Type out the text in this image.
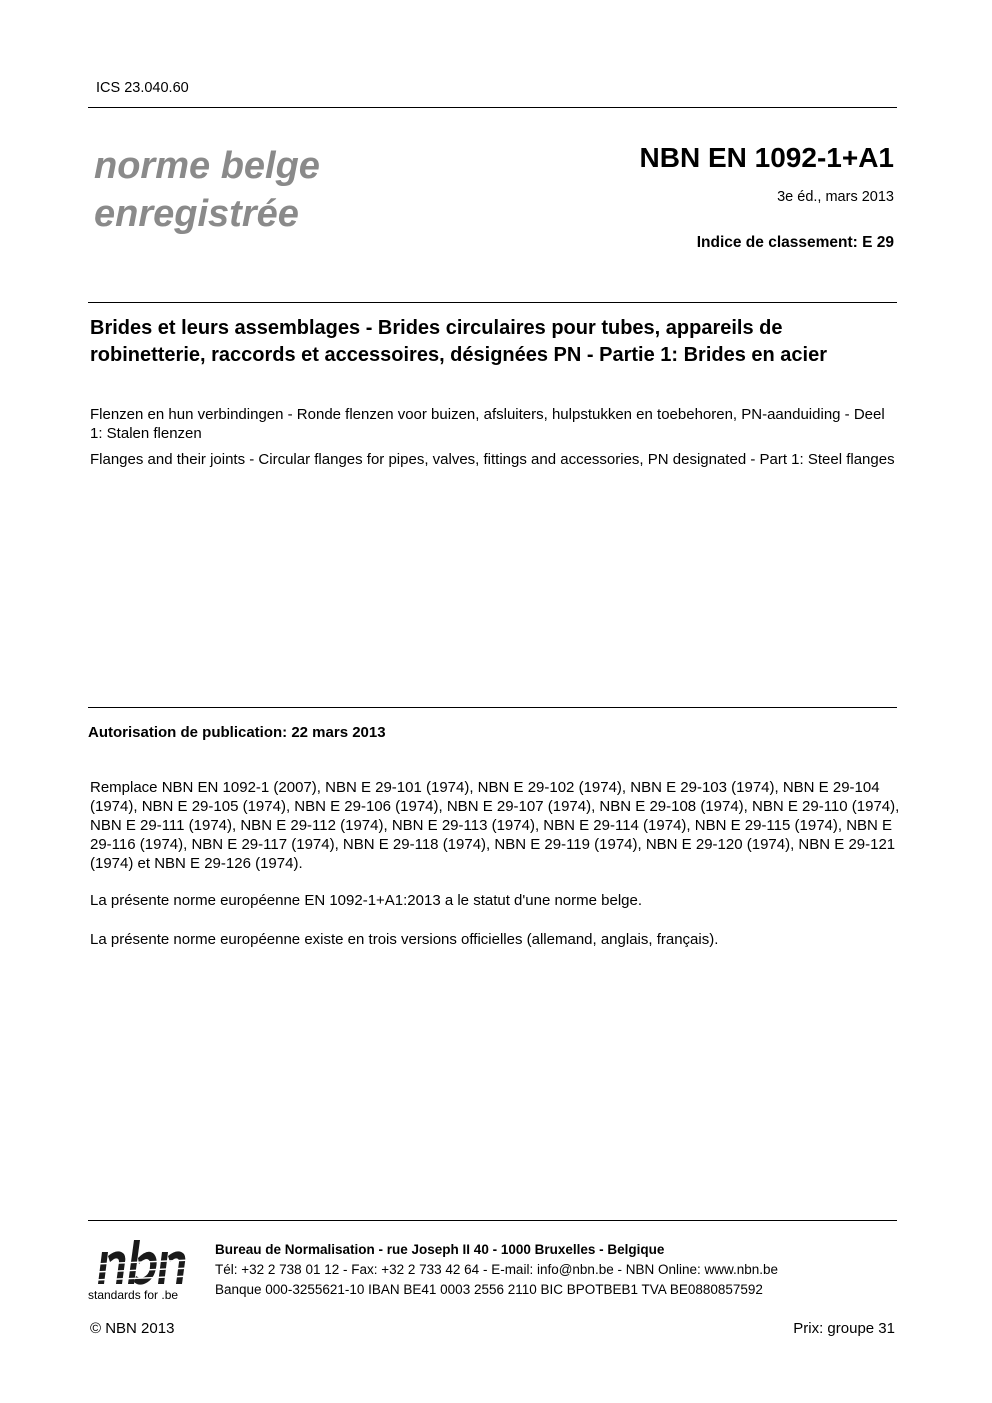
ICS 23.040.60
norme belge
enregistrée
NBN EN 1092-1+A1
3e éd., mars 2013
Indice de classement: E 29
Brides et leurs assemblages - Brides circulaires pour tubes, appareils de robinetterie, raccords et accessoires, désignées PN - Partie 1: Brides en acier
Flenzen en hun verbindingen - Ronde flenzen voor buizen, afsluiters, hulpstukken en toebehoren, PN-aanduiding - Deel 1: Stalen flenzen
Flanges and their joints - Circular flanges for pipes, valves, fittings and accessories, PN designated - Part 1: Steel flanges
Autorisation de publication: 22 mars 2013
Remplace NBN EN 1092-1 (2007), NBN E 29-101 (1974), NBN E 29-102 (1974), NBN E 29-103 (1974), NBN E 29-104 (1974), NBN E 29-105 (1974), NBN E 29-106 (1974), NBN E 29-107 (1974), NBN E 29-108 (1974), NBN E 29-110 (1974), NBN E 29-111 (1974), NBN E 29-112 (1974), NBN E 29-113 (1974), NBN E 29-114 (1974), NBN E 29-115 (1974), NBN E 29-116 (1974), NBN E 29-117 (1974), NBN E 29-118 (1974), NBN E 29-119 (1974), NBN E 29-120 (1974), NBN E 29-121 (1974) et NBN E 29-126 (1974).
La présente norme européenne EN 1092-1+A1:2013 a le statut d'une norme belge.
La présente norme européenne existe en trois versions officielles (allemand, anglais, français).
standards for .be
Bureau de Normalisation - rue Joseph II 40 - 1000 Bruxelles - Belgique
Tél: +32 2 738 01 12 - Fax: +32 2 733 42 64 - E-mail: info@nbn.be - NBN Online: www.nbn.be
Banque 000-3255621-10 IBAN BE41 0003 2556 2110 BIC BPOTBEB1 TVA BE0880857592
© NBN 2013	Prix: groupe 31
